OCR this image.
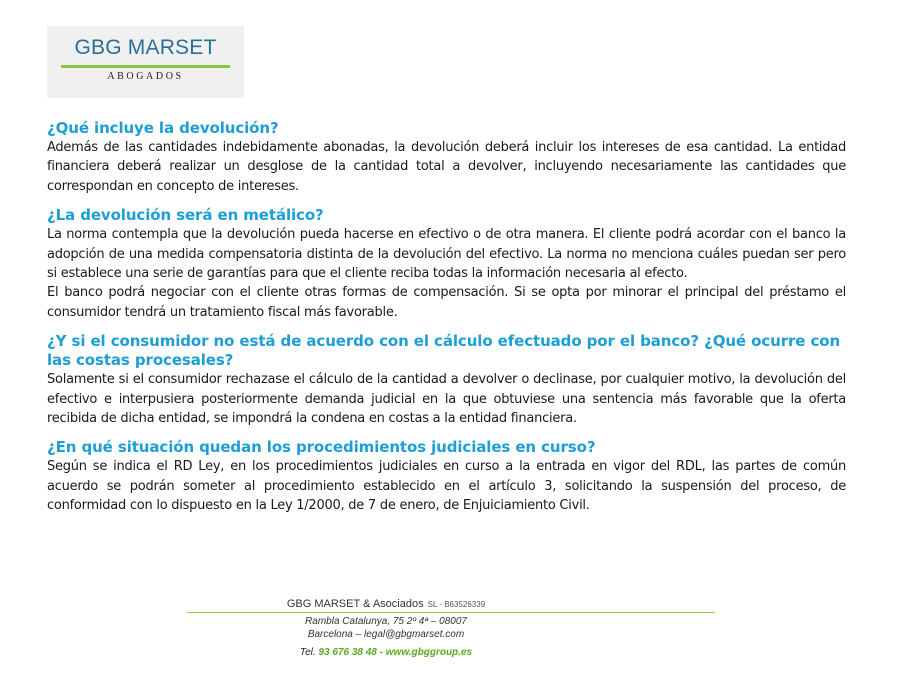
GBG MARSET
ABOGADOS
¿Qué incluye la devolución?

Además de las cantidades indebidamente abonadas, la devolución deberá incluir los intereses de esa cantidad. La entidad financiera deberá realizar un desglose de la cantidad total a devolver, incluyendo necesariamente las cantidades que correspondan en concepto de intereses.

¿La devolución será en metálico?

La norma contempla que la devolución pueda hacerse en efectivo o de otra manera. El cliente podrá acordar con el banco la adopción de una medida compensatoria distinta de la devolución del efectivo. La norma no menciona cuáles puedan ser pero si establece una serie de garantías para que el cliente reciba todas la información necesaria al efecto.

El banco podrá negociar con el cliente otras formas de compensación. Si se opta por minorar el principal del préstamo el consumidor tendrá un tratamiento fiscal más favorable.

¿Y si el consumidor no está de acuerdo con el cálculo efectuado por el banco? ¿Qué ocurre con las costas procesales?

Solamente si el consumidor rechazase el cálculo de la cantidad a devolver o declinase, por cualquier motivo, la devolución del efectivo e interpusiera posteriormente demanda judicial en la que obtuviese una sentencia más favorable que la oferta recibida de dicha entidad, se impondrá la condena en costas a la entidad financiera.

¿En qué situación quedan los procedimientos judiciales en curso?

Según se indica el RD Ley, en los procedimientos judiciales en curso a la entrada en vigor del RDL, las partes de común acuerdo se podrán someter al procedimiento establecido en el artículo 3, solicitando la suspensión del proceso, de conformidad con lo dispuesto en la Ley 1/2000, de 7 de enero, de Enjuiciamiento Civil.

GBG MARSET & Asociados SL - B63526339
Rambla Catalunya, 75 2º 4ª – 08007
Barcelona – legal@gbgmarset.com
Tel. 93 676 38 48 - www.gbggroup.es
